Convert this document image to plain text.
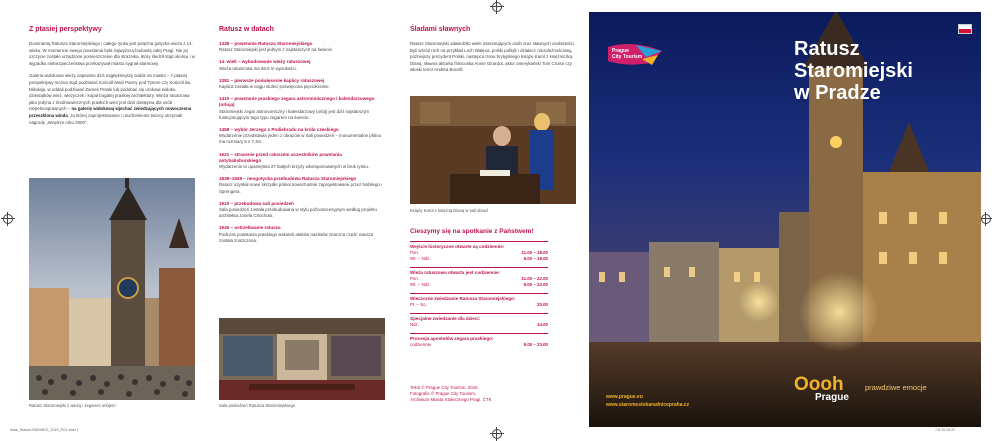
Z ptasiej perspektywy

Dominantą Ratusza Staromiejskiego i całego rynku jest potężna gotycka wieża z 14. wieku. W momencie swego powstania była najwyższą budowlą całej Pragi. Nie jej szczycie zostało urządzone pomieszczenie dla strażnika, który śledził stąd okolicę i w wypadku niebezpieczeństwa przekazywał miastu sygnał alarmowy.

Galeria widokowa wieży zapewnia dziś najpiękniejszy widok na miasto – z ptasiej perspektywy można stąd podziwiać Kościół Marii Panny pod Tynem czy Kościół św. Mikołaja, w oddali podziwiać Zamek Praski lub podobać się urokowi widoku dziesiątków wież, wieżyczek i kopuł bogatej praskiej architektury. Wieża ratuszowa jako jedyna z średniowiecznych praskich wież jest dziś dostępna dla osób niepełnosprawnych – na galerię widokową wjechać zwiedzających nowoczesna przeszklona winda, za której zaprojektowanie i uruchomienie twórcy otrzymali nagrodę „Wnętrze roku 2000”.

Ratusz Staromiejski z wieżą i zegarem orlojem
Ratusz w datach
1338 – powstanie Ratusza Staromiejskiego
Ratusz Staromiejski jest jednym z najstarszych na świecie
14. wiek – wybudowanie wieży ratuszowej
Wieża ratuszowa ma 69,5 m wysokości.
1381 – pierwsze poświęcenie kaplicy ratuszowej
Kaplica została w ciągu stuleci poświęcona pięciokrotnie.
1410 – powstanie praskiego zegara astronomicznego i kalendarzowego (orloja)
Staromiejski zegar astronomiczny i kalendarzowy (orloj) jest dziś najstarszym funkcjonującym tego typu zegarem na świecie.
1458 – wybór Jerzego z Podiebradu na króla czeskiego
Wydarzenie przedstawia jeden z obrazów w Sali posiedzeń – monumentalne płótno ma rozmiary 5 x 7,3m.
1621 – stracenie przed ratuszem uczestników powstania antyhabsburskiego
Wydarzenie to upamiętnia 27 białych krzyży wkomponowanych w bruk rynku.
1838–1848 – neogotycka przebudowa Ratusza Staromiejskiego
Ratusz uzyskał nowe skrzydło północnowschodnie zaprojektowane przez Nobilego i Sprengera.
1910 – przebudowa sali posiedzeń
Sala posiedzeń została przebudowana w stylu późnosecesyjnym według projektu architekta Josefa Chochola.
1945 – ostrzeliwanie ratusza
Podczas powstania praskiego wskutek ataków nazistów znaczna część ratusza została zniszczona.
Sala posiedzeń Ratusza Staromiejskiego
Śladami sławnych

Ratusz Staromiejski odwiedziło wiele interesujących osób oraz sławnych osobistości. Byli wśród nich na przykład Lech Wałęsa, polski polityk i działacz niezależnościowy, późniejszy prezydent Polski, następca tronu brytyjskiego książę Karol z księżniczką Dianą, sławna aktorka francuska Annie Girardot, aktor amerykański Tom Cruise czy włoski tenor Andrea Bocelli.

Książę Karol z księżną Dianą w sali obrad
Cieszymy się na spotkanie z Państwem!
Wejście historyczne otwarte są codziennie:
Pon.	11.00 – 18.00
Wt. – Ndz.	9.00 – 18.00
Wieża ratuszowa otwarta jest codziennie:
Pon.	11.00 – 22.00
Wt. – Ndz.	9.00 – 22.00
Wieczorne zwiedzanie Ratusza Staromiejskiego:
Pt. – So.	20.00
Specjalne zwiedzanie dla dzieci:
Ndz.	14.00
Procesja apostołów zegara praskiego:
codziennie	9.00 – 23.00
Tekst © Prague City Tourism, 2015
Fotografie © Prague City Tourism,
Archiwum Miasta Stołecznego Pragi, ČTK
Prague
City Tourism	Ratusz
Staromiejski
w Pradze
Oooh	prawdziwe emocje
Prague
www.prague.eu
www.staromestskaradnicepraha.cz
letak_Starom-RADNICE_2015_POL.indd 1	7.8.15 15:37
